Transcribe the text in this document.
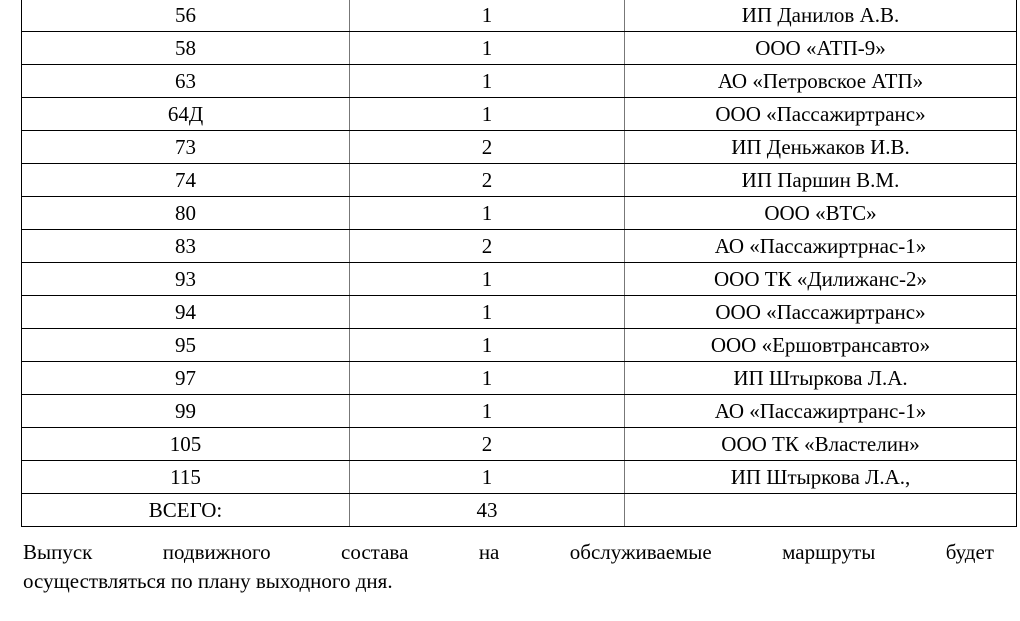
56	1	ИП Данилов А.В.
58	1	ООО «АТП-9»
63	1	АО «Петровское АТП»
64Д	1	ООО «Пассажиртранс»
73	2	ИП Деньжаков И.В.
74	2	ИП Паршин В.М.
80	1	ООО «ВТС»
83	2	АО «Пассажиртрнас-1»
93	1	ООО ТК «Дилижанс-2»
94	1	ООО «Пассажиртранс»
95	1	ООО «Ершовтрансавто»
97	1	ИП Штыркова Л.А.
99	1	АО «Пассажиртранс-1»
105	2	ООО ТК «Властелин»
115	1	ИП Штыркова Л.А.,
ВСЕГО:	43	
Выпуск	подвижного	состава	на	обслуживаемые	маршруты	будет
осуществляться по плану выходного дня.
